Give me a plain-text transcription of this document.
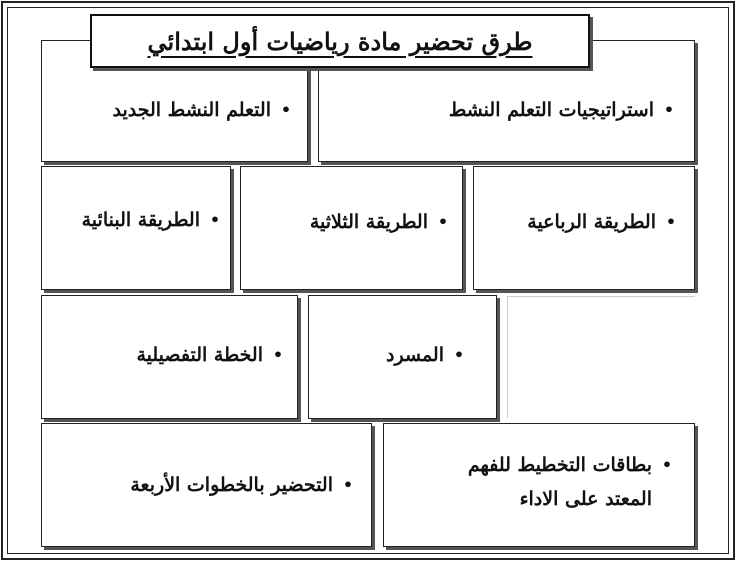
طرق تحضير مادة رياضيات أول ابتدائي
•
استراتيجيات التعلم النشط
•
التعلم النشط الجديد
•
الطريقة الرباعية
•
الطريقة الثلاثية
•
الطريقة البنائية
•
المسرد
•
الخطة التفصيلية
•
بطاقات التخطيط للفهم
المعتد على الاداء
•
التحضير بالخطوات الأربعة
